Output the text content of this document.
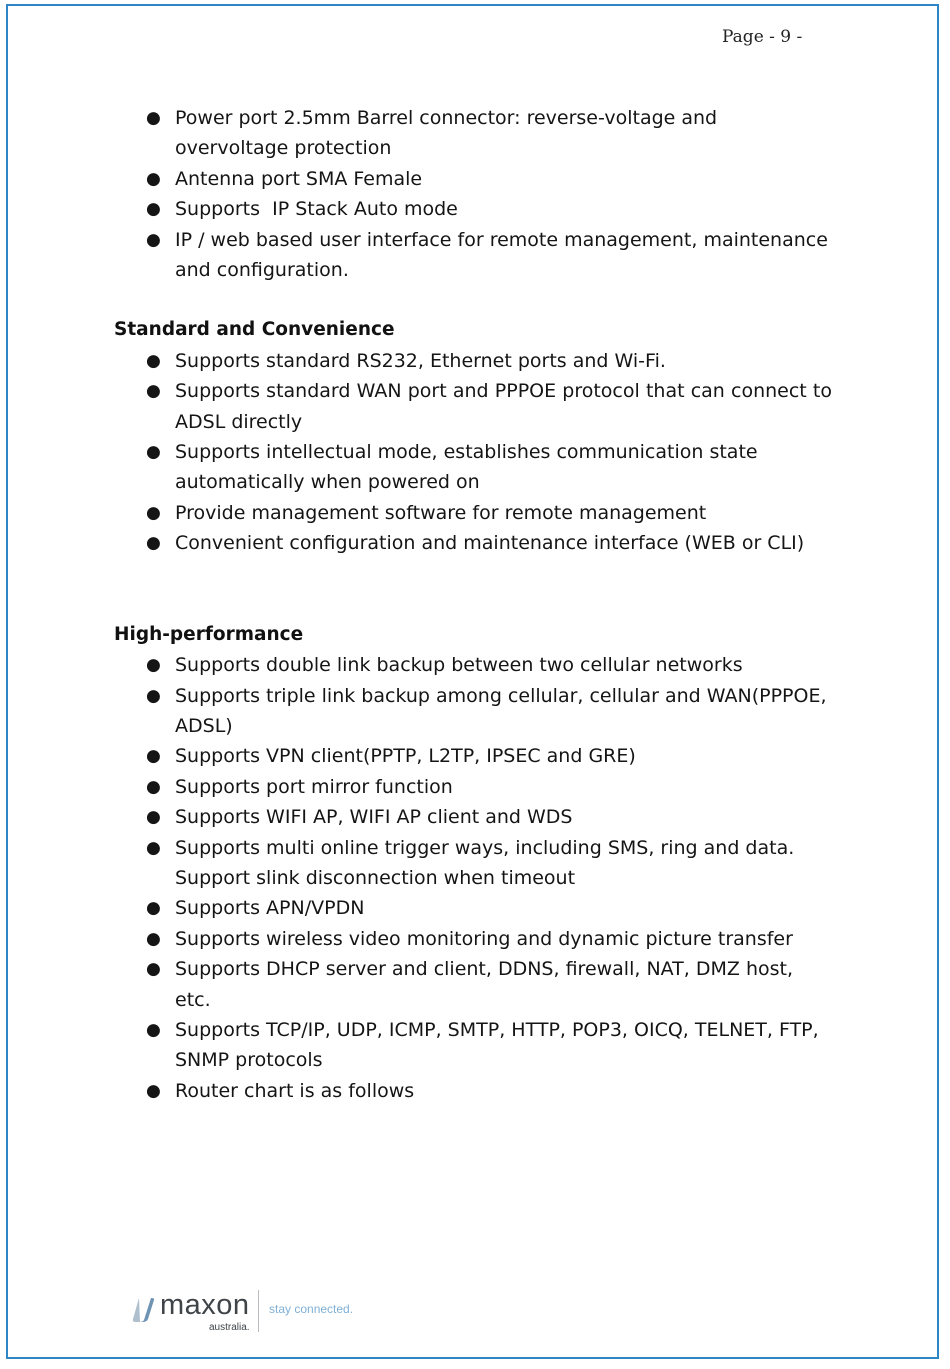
Page - 9 -
● Power port 2.5mm Barrel connector: reverse-voltage and overvoltage protection
● Antenna port SMA Female
● Supports  IP Stack Auto mode
● IP / web based user interface for remote management, maintenance and configuration.
Standard and Convenience
● Supports standard RS232, Ethernet ports and Wi-Fi.
● Supports standard WAN port and PPPOE protocol that can connect to ADSL directly
● Supports intellectual mode, establishes communication state automatically when powered on
● Provide management software for remote management
● Convenient configuration and maintenance interface (WEB or CLI)
High-performance
● Supports double link backup between two cellular networks
● Supports triple link backup among cellular, cellular and WAN(PPPOE, ADSL)
● Supports VPN client(PPTP, L2TP, IPSEC and GRE)
● Supports port mirror function
● Supports WIFI AP, WIFI AP client and WDS
● Supports multi online trigger ways, including SMS, ring and data. Support slink disconnection when timeout
● Supports APN/VPDN
● Supports wireless video monitoring and dynamic picture transfer
● Supports DHCP server and client, DDNS, firewall, NAT, DMZ host, etc.
● Supports TCP/IP, UDP, ICMP, SMTP, HTTP, POP3, OICQ, TELNET, FTP, SNMP protocols
● Router chart is as follows
maxon
australia.
stay connected.
